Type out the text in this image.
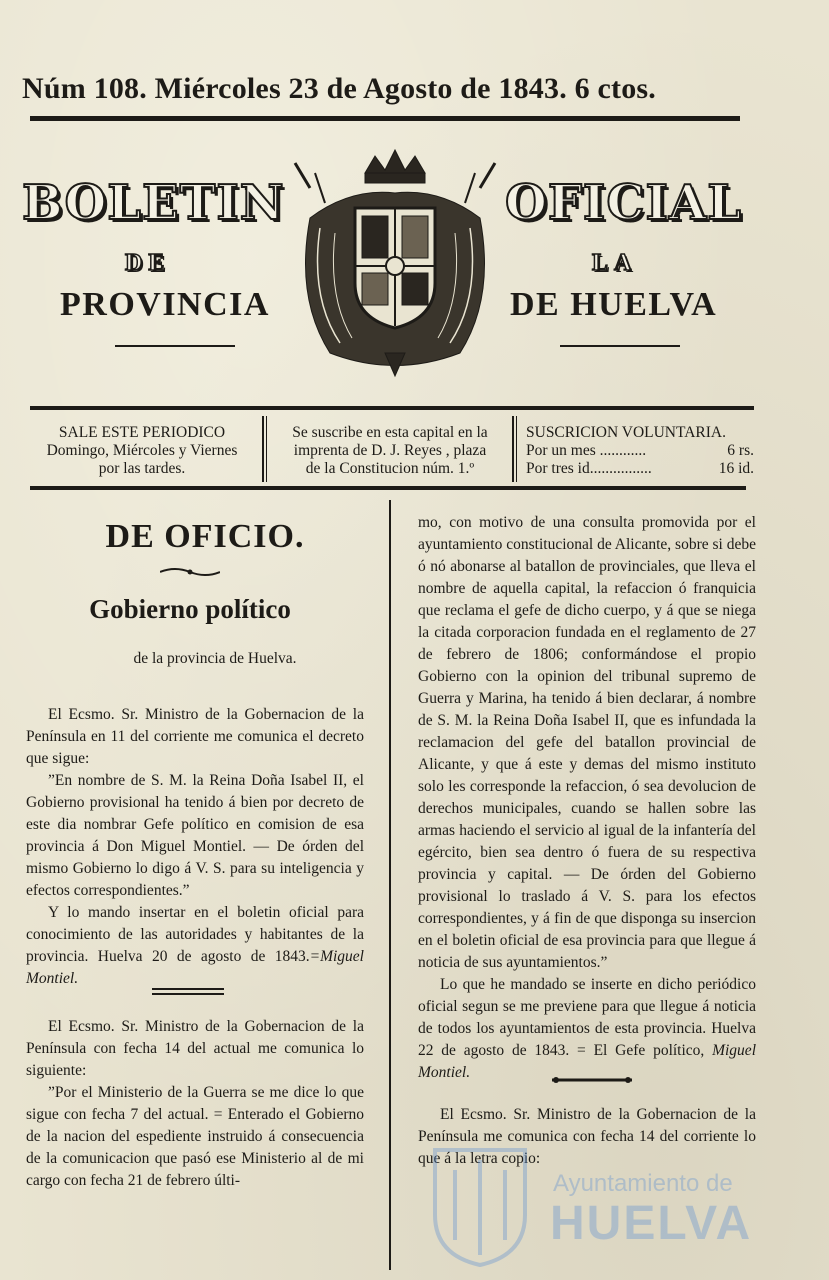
Núm 108. Miércoles 23 de Agosto de 1843. 6 ctos.
BOLETIN	OFICIAL
DE	LA
PROVINCIA	DE HUELVA
SALE ESTE PERIODICO
Domingo, Miércoles y Viernes
por las tardes.
Se suscribe en esta capital en la
imprenta de D. J. Reyes , plaza
de la Constitucion núm. 1.º
SUSCRICION VOLUNTARIA.
Por un mes ............	6 rs.
Por tres id................	16 id.
DE OFICIO.
Gobierno político
de la provincia de Huelva.

El Ecsmo. Sr. Ministro de la Gobernacion de la Península en 11 del corriente me comunica el decreto que sigue:

”En nombre de S. M. la Reina Doña Isabel II, el Gobierno provisional ha tenido á bien por decreto de este dia nombrar Gefe político en comision de esa provincia á Don Miguel Montiel. — De órden del mismo Gobierno lo digo á V. S. para su inteligencia y efectos correspondientes.”

Y lo mando insertar en el boletin oficial para conocimiento de las autoridades y habitantes de la provincia. Huelva 20 de agosto de 1843.=Miguel Montiel.

El Ecsmo. Sr. Ministro de la Gobernacion de la Península con fecha 14 del actual me comunica lo siguiente:

”Por el Ministerio de la Guerra se me dice lo que sigue con fecha 7 del actual. = Enterado el Gobierno de la nacion del espediente instruido á consecuencia de la comunicacion que pasó ese Ministerio al de mi cargo con fecha 21 de febrero últi-

mo, con motivo de una consulta promovida por el ayuntamiento constitucional de Alicante, sobre si debe ó nó abonarse al batallon de provinciales, que lleva el nombre de aquella capital, la refaccion ó franquicia que reclama el gefe de dicho cuerpo, y á que se niega la citada corporacion fundada en el reglamento de 27 de febrero de 1806; conformándose el propio Gobierno con la opinion del tribunal supremo de Guerra y Marina, ha tenido á bien declarar, á nombre de S. M. la Reina Doña Isabel II, que es infundada la reclamacion del gefe del batallon provincial de Alicante, y que á este y demas del mismo instituto solo les corresponde la refaccion, ó sea devolucion de derechos municipales, cuando se hallen sobre las armas haciendo el servicio al igual de la infantería del egército, bien sea dentro ó fuera de su respectiva provincia y capital. — De órden del Gobierno provisional lo traslado á V. S. para los efectos correspondientes, y á fin de que disponga su insercion en el boletin oficial de esa provincia para que llegue á noticia de sus ayuntamientos.”

Lo que he mandado se inserte en dicho periódico oficial segun se me previene para que llegue á noticia de todos los ayuntamientos de esta provincia. Huelva 22 de agosto de 1843. = El Gefe político, Miguel Montiel.

El Ecsmo. Sr. Ministro de la Gobernacion de la Península me comunica con fecha 14 del corriente lo que á la letra copio:

Ayuntamiento de
HUELVA
